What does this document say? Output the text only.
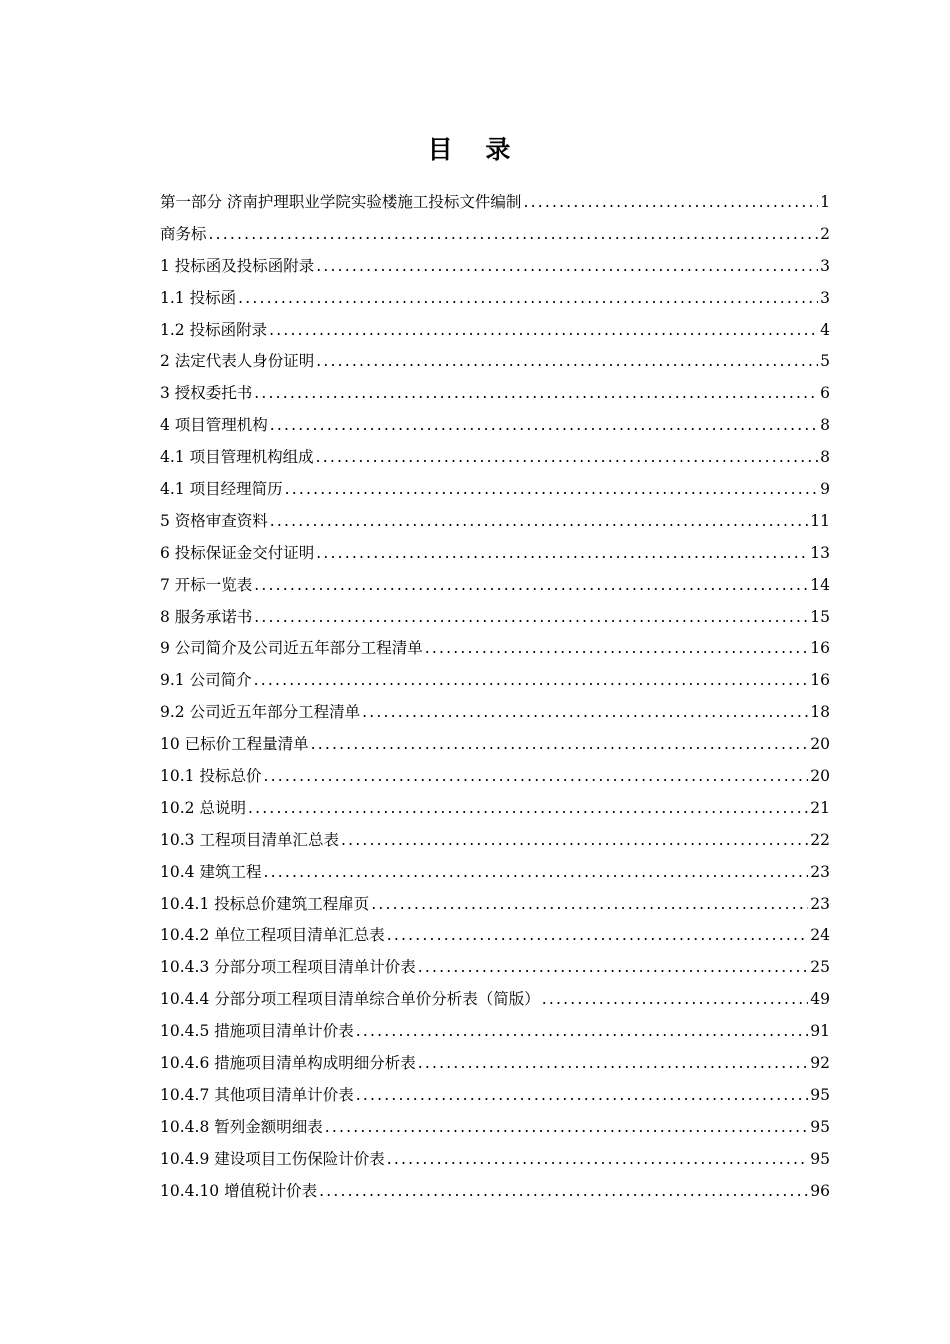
目 录
第一部分 济南护理职业学院实验楼施工投标文件编制 .....	1
商务标 .....	2
1 投标函及投标函附录 .....	3
1.1 投标函 .....	3
1.2 投标函附录 .....	4
2 法定代表人身份证明 .....	5
3 授权委托书 .....	6
4 项目管理机构 .....	8
4.1 项目管理机构组成 .....	8
4.1 项目经理简历 .....	9
5 资格审查资料 .....	11
6 投标保证金交付证明 .....	13
7 开标一览表 .....	14
8 服务承诺书 .....	15
9 公司简介及公司近五年部分工程清单 .....	16
9.1 公司简介 .....	16
9.2 公司近五年部分工程清单 .....	18
10 已标价工程量清单 .....	20
10.1 投标总价 .....	20
10.2 总说明 .....	21
10.3 工程项目清单汇总表 .....	22
10.4 建筑工程 .....	23
10.4.1 投标总价建筑工程扉页 .....	23
10.4.2 单位工程项目清单汇总表 .....	24
10.4.3 分部分项工程项目清单计价表 .....	25
10.4.4 分部分项工程项目清单综合单价分析表（简版） .....	49
10.4.5 措施项目清单计价表 .....	91
10.4.6 措施项目清单构成明细分析表 .....	92
10.4.7 其他项目清单计价表 .....	95
10.4.8 暂列金额明细表 .....	95
10.4.9 建设项目工伤保险计价表 .....	95
10.4.10 增值税计价表 .....	96
